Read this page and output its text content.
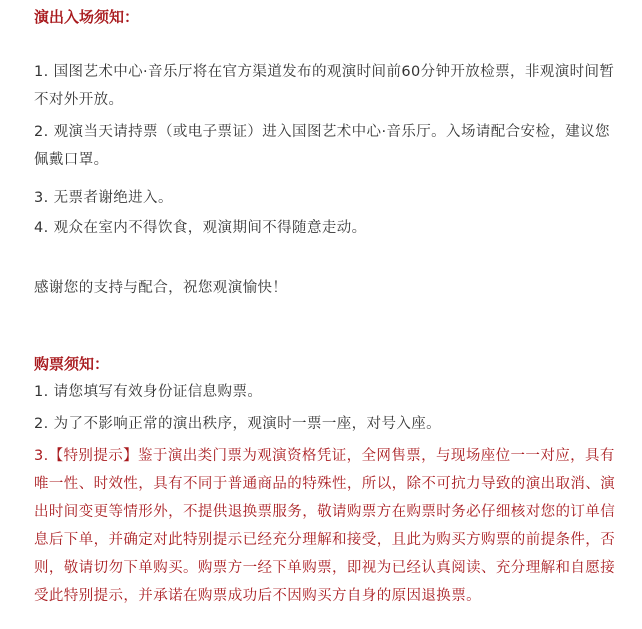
演出入场须知：

1. 国图艺术中心·音乐厅将在官方渠道发布的观演时间前60分钟开放检票，非观演时间暂不对外开放。

2. 观演当天请持票（或电子票证）进入国图艺术中心·音乐厅。入场请配合安检，建议您佩戴口罩。

3. 无票者谢绝进入。

4. 观众在室内不得饮食，观演期间不得随意走动。

感谢您的支持与配合，祝您观演愉快！

购票须知：

1. 请您填写有效身份证信息购票。

2. 为了不影响正常的演出秩序，观演时一票一座，对号入座。

3.【特别提示】鉴于演出类门票为观演资格凭证，全网售票，与现场座位一一对应，具有唯一性、时效性，具有不同于普通商品的特殊性，所以，除不可抗力导致的演出取消、演出时间变更等情形外，不提供退换票服务，敬请购票方在购票时务必仔细核对您的订单信息后下单，并确定对此特别提示已经充分理解和接受，且此为购买方购票的前提条件，否则，敬请切勿下单购买。购票方一经下单购票，即视为已经认真阅读、充分理解和自愿接受此特别提示，并承诺在购票成功后不因购买方自身的原因退换票。
